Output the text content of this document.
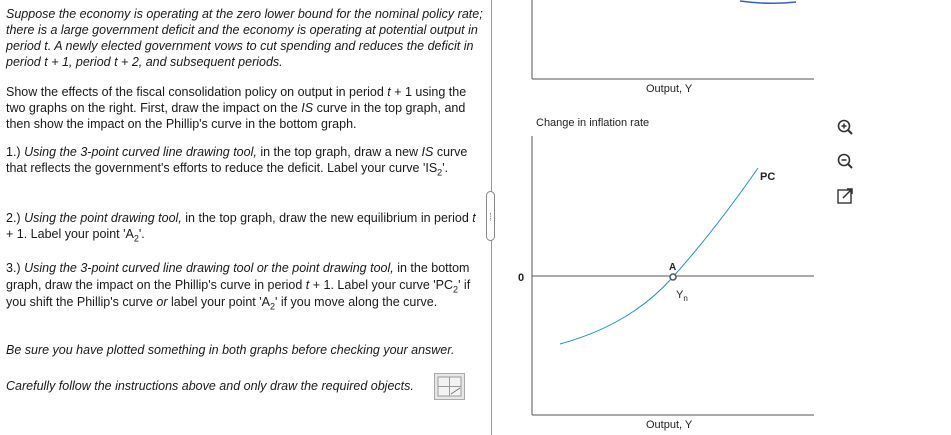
Suppose the economy is operating at the zero lower bound for the nominal policy rate; there is a large government deficit and the economy is operating at potential output in period t. A newly elected government vows to cut spending and reduces the deficit in period t + 1, period t + 2, and subsequent periods.

Show the effects of the fiscal consolidation policy on output in period t + 1 using the two graphs on the right. First, draw the impact on the IS curve in the top graph, and then show the impact on the Phillip's curve in the bottom graph.

1.) Using the 3-point curved line drawing tool, in the top graph, draw a new IS curve that reflects the government's efforts to reduce the deficit. Label your curve '$IS_2$'.

2.) Using the point drawing tool, in the top graph, draw the new equilibrium in period t + 1. Label your point '$A_2$'.

3.) Using the 3-point curved line drawing tool or the point drawing tool, in the bottom graph, draw the impact on the Phillip's curve in period t + 1. Label your curve '$PC_2$' if you shift the Phillip's curve or label your point '$A_2$' if you move along the curve.

Be sure you have plotted something in both graphs before checking your answer.

Carefully follow the instructions above and only draw the required objects.

·····
Output, Y
Change in inflation rate
0
PC
A
$Y_n$
Output, Y
